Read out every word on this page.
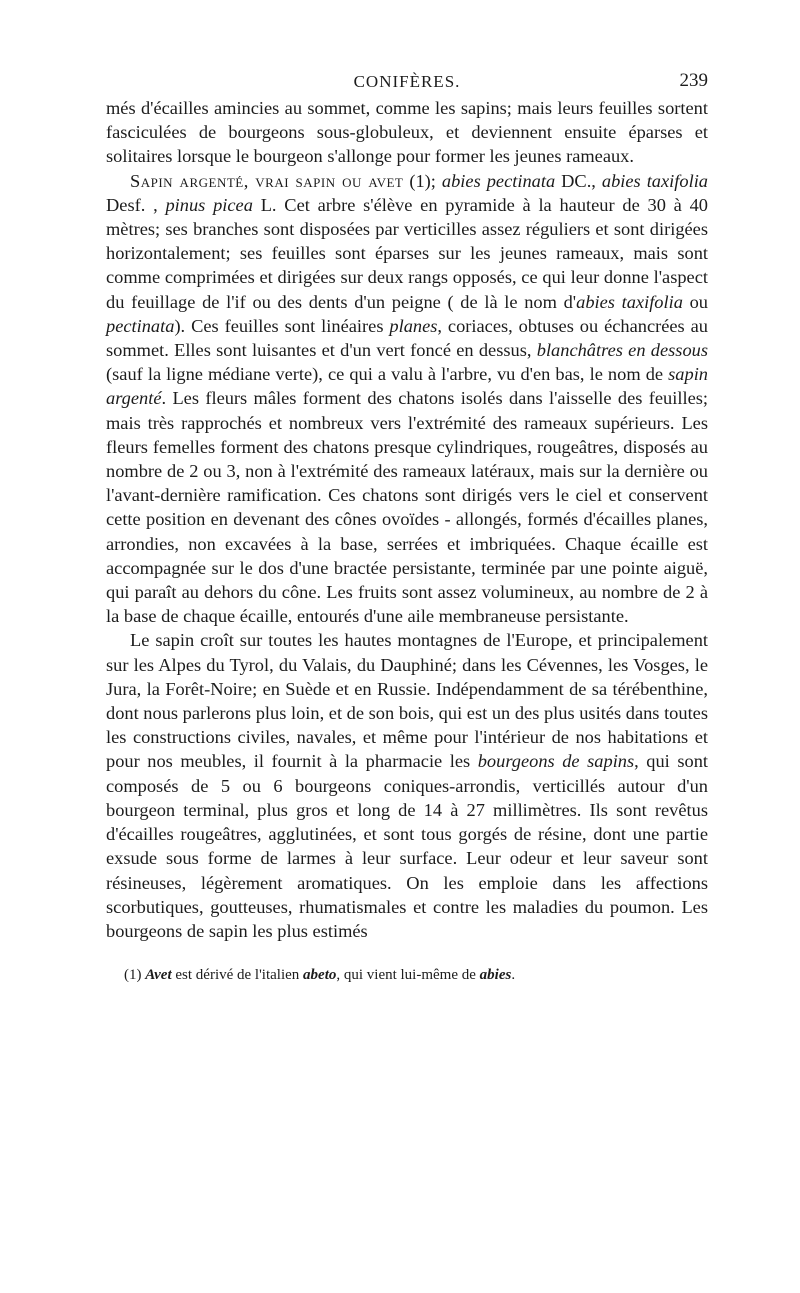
CONIFÈRES.	239

més d'écailles amincies au sommet, comme les sapins; mais leurs feuilles sortent fasciculées de bourgeons sous-globuleux, et deviennent ensuite éparses et solitaires lorsque le bourgeon s'allonge pour former les jeunes rameaux.

Sapin argenté, vrai sapin ou avet (1); abies pectinata DC., abies taxifolia Desf. , pinus picea L. Cet arbre s'élève en pyramide à la hauteur de 30 à 40 mètres; ses branches sont disposées par verticilles assez réguliers et sont dirigées horizontalement; ses feuilles sont éparses sur les jeunes rameaux, mais sont comme comprimées et dirigées sur deux rangs opposés, ce qui leur donne l'aspect du feuillage de l'if ou des dents d'un peigne ( de là le nom d'abies taxifolia ou pectinata). Ces feuilles sont linéaires planes, coriaces, obtuses ou échancrées au sommet. Elles sont luisantes et d'un vert foncé en dessus, blanchâtres en dessous (sauf la ligne médiane verte), ce qui a valu à l'arbre, vu d'en bas, le nom de sapin argenté. Les fleurs mâles forment des chatons isolés dans l'aisselle des feuilles; mais très rapprochés et nombreux vers l'extrémité des rameaux supérieurs. Les fleurs femelles forment des chatons presque cylindriques, rougeâtres, disposés au nombre de 2 ou 3, non à l'extrémité des rameaux latéraux, mais sur la dernière ou l'avant-dernière ramification. Ces chatons sont dirigés vers le ciel et conservent cette position en devenant des cônes ovoïdes - allongés, formés d'écailles planes, arrondies, non excavées à la base, serrées et imbriquées. Chaque écaille est accompagnée sur le dos d'une bractée persistante, terminée par une pointe aiguë, qui paraît au dehors du cône. Les fruits sont assez volumineux, au nombre de 2 à la base de chaque écaille, entourés d'une aile membraneuse persistante.

Le sapin croît sur toutes les hautes montagnes de l'Europe, et principalement sur les Alpes du Tyrol, du Valais, du Dauphiné; dans les Cévennes, les Vosges, le Jura, la Forêt-Noire; en Suède et en Russie. Indépendamment de sa térébenthine, dont nous parlerons plus loin, et de son bois, qui est un des plus usités dans toutes les constructions civiles, navales, et même pour l'intérieur de nos habitations et pour nos meubles, il fournit à la pharmacie les bourgeons de sapins, qui sont composés de 5 ou 6 bourgeons coniques-arrondis, verticillés autour d'un bourgeon terminal, plus gros et long de 14 à 27 millimètres. Ils sont revêtus d'écailles rougeâtres, agglutinées, et sont tous gorgés de résine, dont une partie exsude sous forme de larmes à leur surface. Leur odeur et leur saveur sont résineuses, légèrement aromatiques. On les emploie dans les affections scorbutiques, goutteuses, rhumatismales et contre les maladies du poumon. Les bourgeons de sapin les plus estimés

(1) Avet est dérivé de l'italien abeto, qui vient lui-même de abies.
